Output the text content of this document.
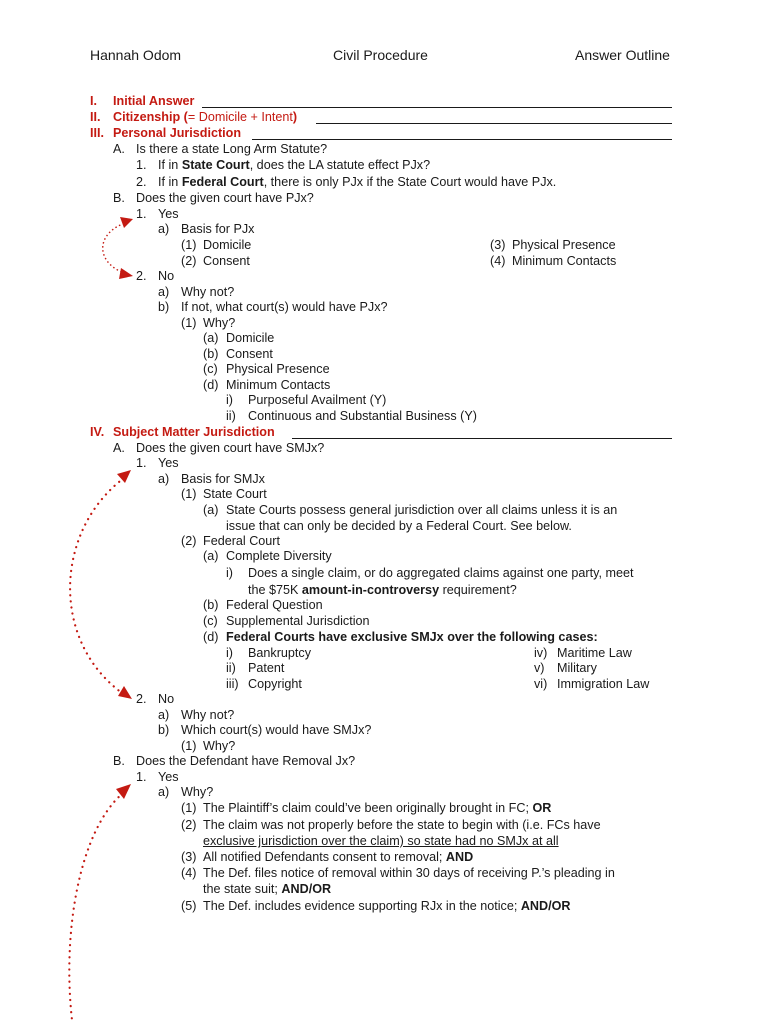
Hannah Odom	Civil Procedure	Answer Outline
I. Initial Answer
II. Citizenship (= Domicile + Intent)
III. Personal Jurisdiction
A. Is there a state Long Arm Statute?
1. If in State Court, does the LA statute effect PJx?
2. If in Federal Court, there is only PJx if the State Court would have PJx.
B. Does the given court have PJx?
1. Yes
a) Basis for PJx
(1) Domicile
(2) Consent
(3) Physical Presence
(4) Minimum Contacts
2. No
a) Why not?
b) If not, what court(s) would have PJx?
(1) Why?
(a) Domicile
(b) Consent
(c) Physical Presence
(d) Minimum Contacts
i) Purposeful Availment (Y)
ii) Continuous and Substantial Business (Y)
IV. Subject Matter Jurisdiction
A. Does the given court have SMJx?
1. Yes
a) Basis for SMJx
(1) State Court
(a) State Courts possess general jurisdiction over all claims unless it is an
issue that can only be decided by a Federal Court. See below.
(2) Federal Court
(a) Complete Diversity
i) Does a single claim, or do aggregated claims against one party, meet
the $75K amount-in-controversy requirement?
(b) Federal Question
(c) Supplemental Jurisdiction
(d) Federal Courts have exclusive SMJx over the following cases:
i) Bankruptcy
ii) Patent
iii) Copyright
iv) Maritime Law
v) Military
vi) Immigration Law
2. No
a) Why not?
b) Which court(s) would have SMJx?
(1) Why?
B. Does the Defendant have Removal Jx?
1. Yes
a) Why?
(1) The Plaintiff’s claim could’ve been originally brought in FC; OR
(2) The claim was not properly before the state to begin with (i.e. FCs have
exclusive jurisdiction over the claim) so state had no SMJx at all
(3) All notified Defendants consent to removal; AND
(4) The Def. files notice of removal within 30 days of receiving P.’s pleading in
the state suit; AND/OR
(5) The Def. includes evidence supporting RJx in the notice; AND/OR
